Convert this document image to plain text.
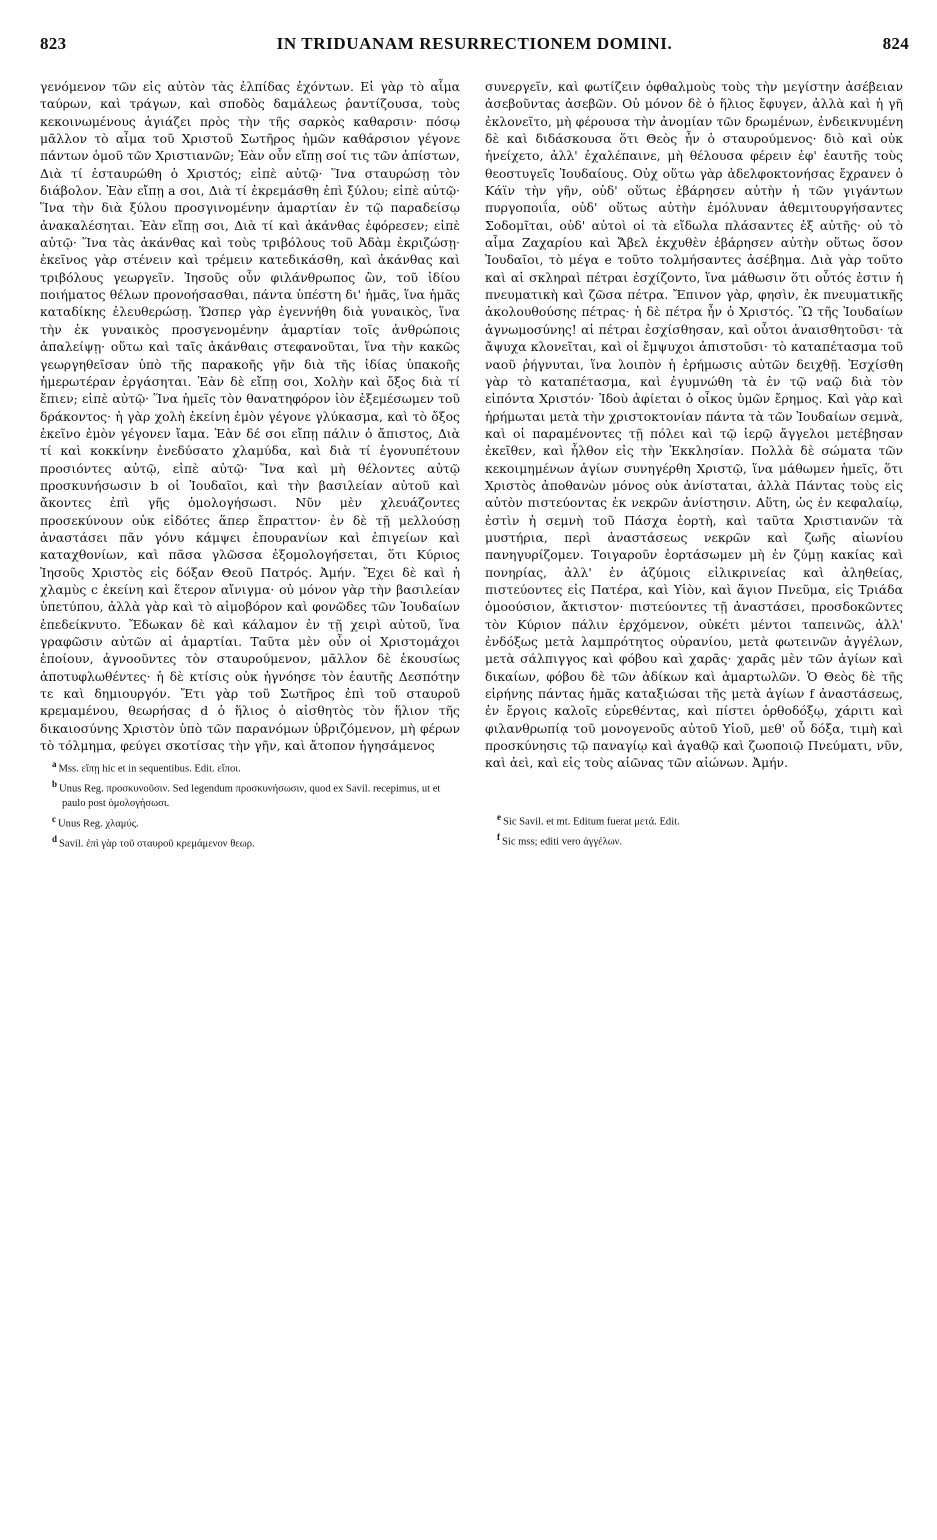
823	IN TRIDUANAM RESURRECTIONEM DOMINI.	824

γενόμενον τῶν εἰς αὐτὸν τὰς ἐλπίδας ἐχόντων. Εἰ γὰρ τὸ αἷμα ταύρων, καὶ τράγων, καὶ σποδὸς δαμάλεως ῥαντίζουσα, τοὺς κεκοινωμένους ἁγιάζει πρὸς τὴν τῆς σαρκὸς καθαρσιν· πόσῳ μᾶλλον τὸ αἷμα τοῦ Χριστοῦ Σωτῆρος ἡμῶν καθάρσιον γέγονε πάντων ὁμοῦ τῶν Χριστιανῶν; Ἐὰν οὖν εἴπῃ σοί τις τῶν ἀπίστων, Διὰ τί ἐσταυρώθη ὁ Χριστός; εἰπὲ αὐτῷ· Ἵνα σταυρώσῃ τὸν διάβολον. Ἐὰν εἴπῃ a σοι, Διὰ τί ἐκρεμάσθη ἐπὶ ξύλου; εἰπὲ αὐτῷ· Ἵνα τὴν διὰ ξύλου προσγινομένην ἁμαρτίαν ἐν τῷ παραδείσῳ ἀνακαλέσηται. Ἐὰν εἴπῃ σοι, Διὰ τί καὶ ἀκάνθας ἐφόρεσεν; εἰπὲ αὐτῷ· Ἵνα τὰς ἀκάνθας καὶ τοὺς τριβόλους τοῦ Ἀδὰμ ἐκριζώσῃ· ἐκεῖνος γὰρ στένειν καὶ τρέμειν κατεδικάσθη, καὶ ἀκάνθας καὶ τριβόλους γεωργεῖν. Ἰησοῦς οὖν φιλάνθρωπος ὢν, τοῦ ἰδίου ποιήματος θέλων προνοήσασθαι, πάντα ὑπέστη δι' ἡμᾶς, ἵνα ἡμᾶς καταδίκης ἐλευθερώσῃ. Ὥσπερ γὰρ ἐγεννήθη διὰ γυναικὸς, ἵνα τὴν ἐκ γυναικὸς προσγενομένην ἁμαρτίαν τοῖς ἀνθρώποις ἀπαλείψῃ· οὕτω καὶ ταῖς ἀκάνθαις στεφανοῦται, ἵνα τὴν κακῶς γεωργηθεῖσαν ὑπὸ τῆς παρακοῆς γῆν διὰ τῆς ἰδίας ὑπακοῆς ἡμερωτέραν ἐργάσηται. Ἐὰν δὲ εἴπῃ σοι, Χολὴν καὶ ὄξος διὰ τί ἔπιεν; εἰπὲ αὐτῷ· Ἵνα ἡμεῖς τὸν θανατηφόρον ἰὸν ἐξεμέσωμεν τοῦ δράκοντος· ἡ γὰρ χολὴ ἐκείνη ἐμὸν γέγονε γλύκασμα, καὶ τὸ ὄξος ἐκεῖνο ἐμὸν γέγονεν ἴαμα. Ἐὰν δέ σοι εἴπῃ πάλιν ὁ ἄπιστος, Διὰ τί καὶ κοκκίνην ἐνεδύσατο χλαμύδα, καὶ διὰ τί ἐγονυπέτουν προσιόντες αὐτῷ, εἰπὲ αὐτῷ· Ἵνα καὶ μὴ θέλοντες αὐτῷ προσκυνήσωσιν b οἱ Ἰουδαῖοι, καὶ τὴν βασιλείαν αὐτοῦ καὶ ἄκοντες ἐπὶ γῆς ὁμολογήσωσι. Νῦν μὲν χλευάζοντες προσεκύνουν οὐκ εἰδότες ἅπερ ἔπραττον· ἐν δὲ τῇ μελλούσῃ ἀναστάσει πᾶν γόνυ κάμψει ἐπουρανίων καὶ ἐπιγείων καὶ καταχθονίων, καὶ πᾶσα γλῶσσα ἐξομολογήσεται, ὅτι Κύριος Ἰησοῦς Χριστὸς εἰς δόξαν Θεοῦ Πατρός. Ἀμήν. Ἔχει δὲ καὶ ἡ χλαμὺς c ἐκείνη καὶ ἕτερον αἴνιγμα· οὐ μόνον γὰρ τὴν βασιλείαν ὑπετύπου, ἀλλὰ γὰρ καὶ τὸ αἱμοβόρον καὶ φονῶδες τῶν Ἰουδαίων ἐπεδείκνυτο. Ἔδωκαν δὲ καὶ κάλαμον ἐν τῇ χειρὶ αὐτοῦ, ἵνα γραφῶσιν αὐτῶν αἱ ἁμαρτίαι. Ταῦτα μὲν οὖν οἱ Χριστομάχοι ἐποίουν, ἀγνοοῦντες τὸν σταυρούμενον, μᾶλλον δὲ ἑκουσίως ἀποτυφλωθέντες· ἡ δὲ κτίσις οὐκ ἠγνόησε τὸν ἑαυτῆς Δεσπότην τε καὶ δημιουργόν. Ἔτι γὰρ τοῦ Σωτῆρος ἐπὶ τοῦ σταυροῦ κρεμαμένου, θεωρήσας d ὁ ἥλιος ὁ αἰσθητὸς τὸν ἥλιον τῆς δικαιοσύνης Χριστὸν ὑπὸ τῶν παρανόμων ὑβριζόμενον, μὴ φέρων τὸ τόλμημα, φεύγει σκοτίσας τὴν γῆν, καὶ ἄτοπον ἡγησάμενος

$^a$ Mss. εἴπῃ hic et in sequentibus. Edit. εἴποι.

$^b$ Unus Reg. προσκυνοῦσιν. Sed legendum προσκυνήσωσιν, quod ex Savil. recepimus, ut et paulo post ὁμολογήσωσι.

$^c$ Unus Reg. χλαμύς.

$^d$ Savil. ἐπὶ γὰρ τοῦ σταυροῦ κρεμάμενον θεωρ.

συνεργεῖν, καὶ φωτίζειν ὀφθαλμοὺς τοὺς τὴν μεγίστην ἀσέβειαν ἀσεβοῦντας ἀσεβῶν. Οὐ μόνον δὲ ὁ ἥλιος ἔφυγεν, ἀλλὰ καὶ ἡ γῆ ἐκλονεῖτο, μὴ φέρουσα τὴν ἀνομίαν τῶν δρωμένων, ἐνδεικνυμένη δὲ καὶ διδάσκουσα ὅτι Θεὸς ἦν ὁ σταυρούμενος· διὸ καὶ οὐκ ἠνείχετο, ἀλλ' ἐχαλέπαινε, μὴ θέλουσα φέρειν ἐφ' ἑαυτῆς τοὺς θεοστυγεῖς Ἰουδαίους. Οὐχ οὕτω γὰρ ἀδελφοκτονήσας ἔχρανεν ὁ Κάϊν τὴν γῆν, οὐδ' οὕτως ἐβάρησεν αὐτὴν ἡ τῶν γιγάντων πυργοποιΐα, οὐδ' οὕτως αὐτὴν ἐμόλυναν ἀθεμιτουργήσαντες Σοδομῖται, οὐδ' αὐτοὶ οἱ τὰ εἴδωλα πλάσαντες ἐξ αὐτῆς· οὐ τὸ αἷμα Ζαχαρίου καὶ Ἄβελ ἐκχυθὲν ἐβάρησεν αὐτὴν οὕτως ὅσον Ἰουδαῖοι, τὸ μέγα e τοῦτο τολμήσαντες ἀσέβημα. Διὰ γὰρ τοῦτο καὶ αἱ σκληραὶ πέτραι ἐσχίζοντο, ἵνα μάθωσιν ὅτι οὗτός ἐστιν ἡ πνευματικὴ καὶ ζῶσα πέτρα. Ἔπινον γὰρ, φησὶν, ἐκ πνευματικῆς ἀκολουθούσης πέτρας· ἡ δὲ πέτρα ἦν ὁ Χριστός. Ὢ τῆς Ἰουδαίων ἀγνωμοσύνης! αἱ πέτραι ἐσχίσθησαν, καὶ οὗτοι ἀναισθητοῦσι· τὰ ἄψυχα κλονεῖται, καὶ οἱ ἔμψυχοι ἀπιστοῦσι· τὸ καταπέτασμα τοῦ ναοῦ ῥήγνυται, ἵνα λοιπὸν ἡ ἐρήμωσις αὐτῶν δειχθῇ. Ἐσχίσθη γὰρ τὸ καταπέτασμα, καὶ ἐγυμνώθη τὰ ἐν τῷ ναῷ διὰ τὸν εἰπόντα Χριστόν· Ἰδοὺ ἀφίεται ὁ οἶκος ὑμῶν ἔρημος. Καὶ γὰρ καὶ ἠρήμωται μετὰ τὴν χριστοκτονίαν πάντα τὰ τῶν Ἰουδαίων σεμνὰ, καὶ οἱ παραμένοντες τῇ πόλει καὶ τῷ ἱερῷ ἄγγελοι μετέβησαν ἐκεῖθεν, καὶ ἦλθον εἰς τὴν Ἐκκλησίαν. Πολλὰ δὲ σώματα τῶν κεκοιμημένων ἁγίων συνηγέρθη Χριστῷ, ἵνα μάθωμεν ἡμεῖς, ὅτι Χριστὸς ἀποθανὼν μόνος οὐκ ἀνίσταται, ἀλλὰ Πάντας τοὺς εἰς αὐτὸν πιστεύοντας ἐκ νεκρῶν ἀνίστησιν. Αὕτη, ὡς ἐν κεφαλαίῳ, ἐστὶν ἡ σεμνὴ τοῦ Πάσχα ἑορτὴ, καὶ ταῦτα Χριστιανῶν τὰ μυστήρια, περὶ ἀναστάσεως νεκρῶν καὶ ζωῆς αἰωνίου πανηγυρίζομεν. Τοιγαροῦν ἑορτάσωμεν μὴ ἐν ζύμῃ κακίας καὶ πονηρίας, ἀλλ' ἐν ἀζύμοις εἰλικρινείας καὶ ἀληθείας, πιστεύοντες εἰς Πατέρα, καὶ Υἱὸν, καὶ ἅγιον Πνεῦμα, εἰς Τριάδα ὁμοούσιον, ἄκτιστον· πιστεύοντες τῇ ἀναστάσει, προσδοκῶντες τὸν Κύριον πάλιν ἐρχόμενον, οὐκέτι μέντοι ταπεινῶς, ἀλλ' ἐνδόξως μετὰ λαμπρότητος οὐρανίου, μετὰ φωτεινῶν ἀγγέλων, μετὰ σάλπιγγος καὶ φόβου καὶ χαρᾶς· χαρᾶς μὲν τῶν ἁγίων καὶ δικαίων, φόβου δὲ τῶν ἀδίκων καὶ ἁμαρτωλῶν. Ὁ Θεὸς δὲ τῆς εἰρήνης πάντας ἡμᾶς καταξιώσαι τῆς μετὰ ἁγίων f ἀναστάσεως, ἐν ἔργοις καλοῖς εὑρεθέντας, καὶ πίστει ὀρθοδόξῳ, χάριτι καὶ φιλανθρωπίᾳ τοῦ μονογενοῦς αὐτοῦ Υἱοῦ, μεθ' οὗ δόξα, τιμὴ καὶ προσκύνησις τῷ παναγίῳ καὶ ἀγαθῷ καὶ ζωοποιῷ Πνεύματι, νῦν, καὶ ἀεὶ, καὶ εἰς τοὺς αἰῶνας τῶν αἰώνων. Ἀμήν.

$^e$ Sic Savil. et mt. Editum fuerat μετά. Edit.

$^f$ Sic mss; editi vero ἀγγέλων.
